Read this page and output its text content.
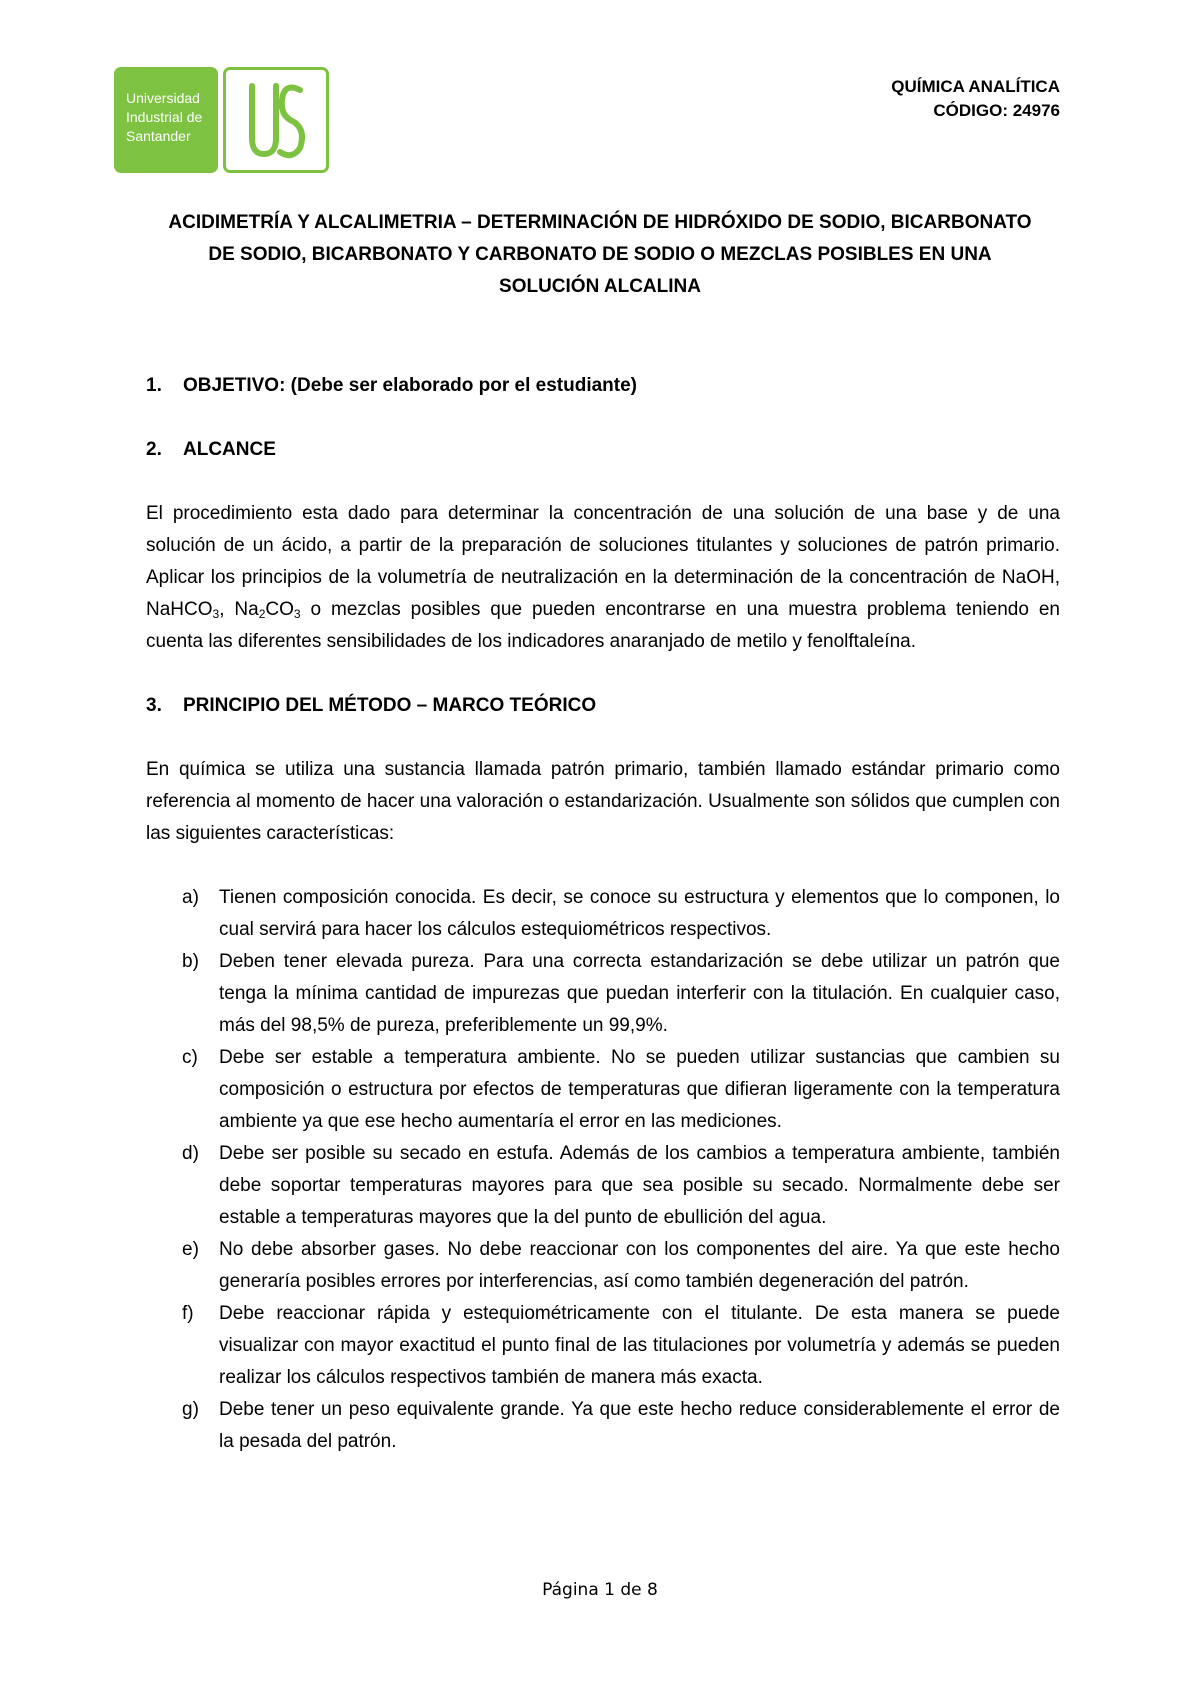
Universidad
Industrial de
Santander
QUÍMICA ANALÍTICA
CÓDIGO: 24976
ACIDIMETRÍA Y ALCALIMETRIA – DETERMINACIÓN DE HIDRÓXIDO DE SODIO, BICARBONATO
DE SODIO, BICARBONATO Y CARBONATO DE SODIO O MEZCLAS POSIBLES EN UNA
SOLUCIÓN ALCALINA

1. OBJETIVO: (Debe ser elaborado por el estudiante)

2. ALCANCE

El procedimiento esta dado para determinar la concentración de una solución de una base y de una solución de un ácido, a partir de la preparación de soluciones titulantes y soluciones de patrón primario. Aplicar los principios de la volumetría de neutralización en la determinación de la concentración de NaOH, NaHCO$_3$, $Na_2CO_3$ o mezclas posibles que pueden encontrarse en una muestra problema teniendo en cuenta las diferentes sensibilidades de los indicadores anaranjado de metilo y fenolftaleína.

3. PRINCIPIO DEL MÉTODO – MARCO TEÓRICO

En química se utiliza una sustancia llamada patrón primario, también llamado estándar primario como referencia al momento de hacer una valoración o estandarización. Usualmente son sólidos que cumplen con las siguientes características:

a)	Tienen composición conocida. Es decir, se conoce su estructura y elementos que lo componen, lo cual servirá para hacer los cálculos estequiométricos respectivos.
b)	Deben tener elevada pureza. Para una correcta estandarización se debe utilizar un patrón que tenga la mínima cantidad de impurezas que puedan interferir con la titulación. En cualquier caso, más del 98,5% de pureza, preferiblemente un 99,9%.
c)	Debe ser estable a temperatura ambiente. No se pueden utilizar sustancias que cambien su composición o estructura por efectos de temperaturas que difieran ligeramente con la temperatura ambiente ya que ese hecho aumentaría el error en las mediciones.
d)	Debe ser posible su secado en estufa. Además de los cambios a temperatura ambiente, también debe soportar temperaturas mayores para que sea posible su secado. Normalmente debe ser estable a temperaturas mayores que la del punto de ebullición del agua.
e)	No debe absorber gases. No debe reaccionar con los componentes del aire. Ya que este hecho generaría posibles errores por interferencias, así como también degeneración del patrón.
f)	Debe reaccionar rápida y estequiométricamente con el titulante. De esta manera se puede visualizar con mayor exactitud el punto final de las titulaciones por volumetría y además se pueden realizar los cálculos respectivos también de manera más exacta.
g)	Debe tener un peso equivalente grande. Ya que este hecho reduce considerablemente el error de la pesada del patrón.
Página 1 de 8
